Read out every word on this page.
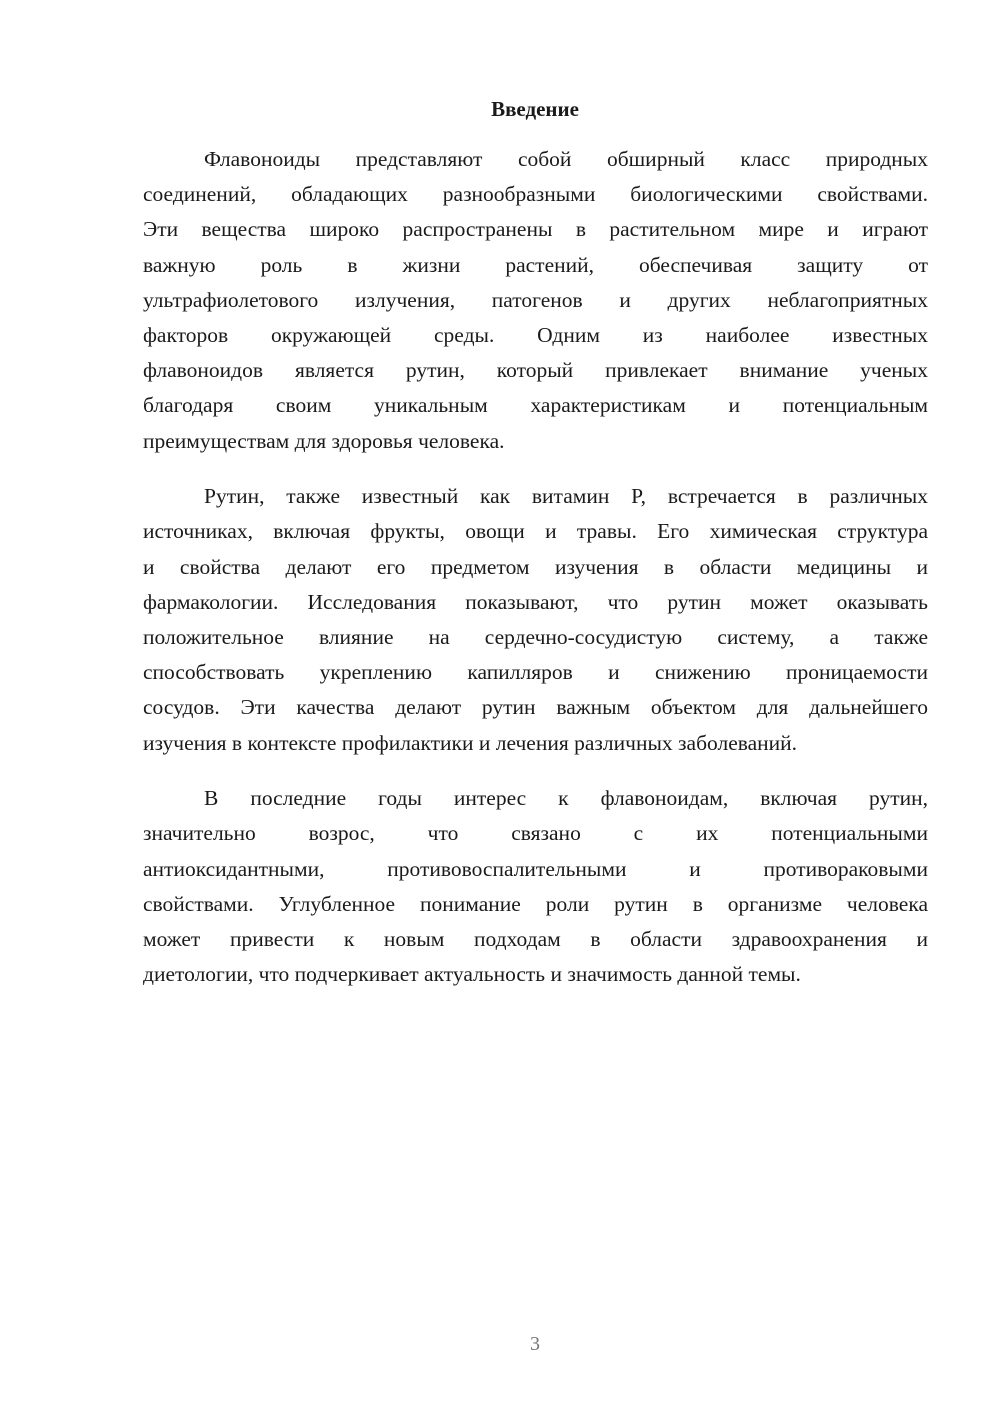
Введение
Флавоноиды представляют собой обширный класс природных
соединений, обладающих разнообразными биологическими свойствами.
Эти вещества широко распространены в растительном мире и играют
важную роль в жизни растений, обеспечивая защиту от
ультрафиолетового излучения, патогенов и других неблагоприятных
факторов окружающей среды. Одним из наиболее известных
флавоноидов является рутин, который привлекает внимание ученых
благодаря своим уникальным характеристикам и потенциальным
преимуществам для здоровья человека.
Рутин, также известный как витамин P, встречается в различных
источниках, включая фрукты, овощи и травы. Его химическая структура
и свойства делают его предметом изучения в области медицины и
фармакологии. Исследования показывают, что рутин может оказывать
положительное влияние на сердечно-сосудистую систему, а также
способствовать укреплению капилляров и снижению проницаемости
сосудов. Эти качества делают рутин важным объектом для дальнейшего
изучения в контексте профилактики и лечения различных заболеваний.
В последние годы интерес к флавоноидам, включая рутин,
значительно возрос, что связано с их потенциальными
антиоксидантными, противовоспалительными и противораковыми
свойствами. Углубленное понимание роли рутин в организме человека
может привести к новым подходам в области здравоохранения и
диетологии, что подчеркивает актуальность и значимость данной темы.
3
